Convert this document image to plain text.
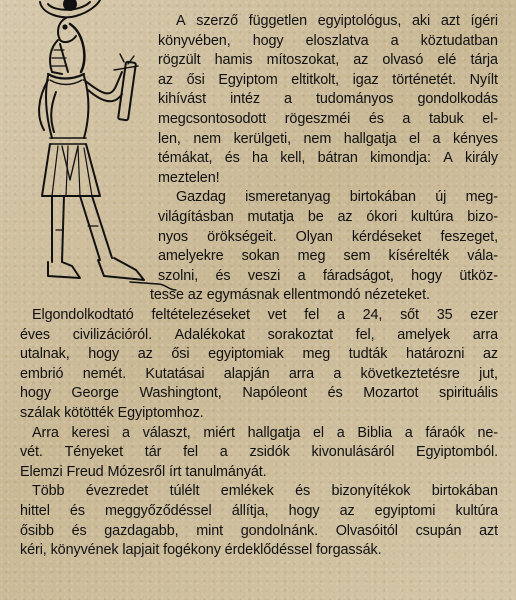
A szerző független egyiptológus, aki azt ígéri
könyvében, hogy eloszlatva a köztudatban
rögzült hamis mítoszokat, az olvasó elé tárja
az ősi Egyiptom eltitkolt, igaz történetét. Nyílt
kihívást intéz a tudományos gondolkodás
megcsontosodott rögeszméi és a tabuk el-
len, nem kerülgeti, nem hallgatja el a kényes
témákat, és ha kell, bátran kimondja: A király
meztelen!
Gazdag ismeretanyag birtokában új meg-
világításban mutatja be az ókori kultúra bizo-
nyos örökségeit. Olyan kérdéseket feszeget,
amelyekre sokan meg sem kísérelték vála-
szolni, és veszi a fáradságot, hogy ütköz-
tesse az egymásnak ellentmondó nézeteket.
Elgondolkodtató feltételezéseket vet fel a 24, sőt 35 ezer
éves civilizációról. Adalékokat sorakoztat fel, amelyek arra
utalnak, hogy az ősi egyiptomiak meg tudták határozni az
embrió nemét. Kutatásai alapján arra a következtetésre jut,
hogy George Washingtont, Napóleont és Mozartot spirituális
szálak kötötték Egyiptomhoz.
Arra keresi a választ, miért hallgatja el a Biblia a fáraók ne-
vét. Tényeket tár fel a zsidók kivonulásáról Egyiptomból.
Elemzi Freud Mózesről írt tanulmányát.
Több évezredet túlélt emlékek és bizonyítékok birtokában
hittel és meggyőződéssel állítja, hogy az egyiptomi kultúra
ősibb és gazdagabb, mint gondolnánk. Olvasóitól csupán azt
kéri, könyvének lapjait fogékony érdeklődéssel forgassák.
